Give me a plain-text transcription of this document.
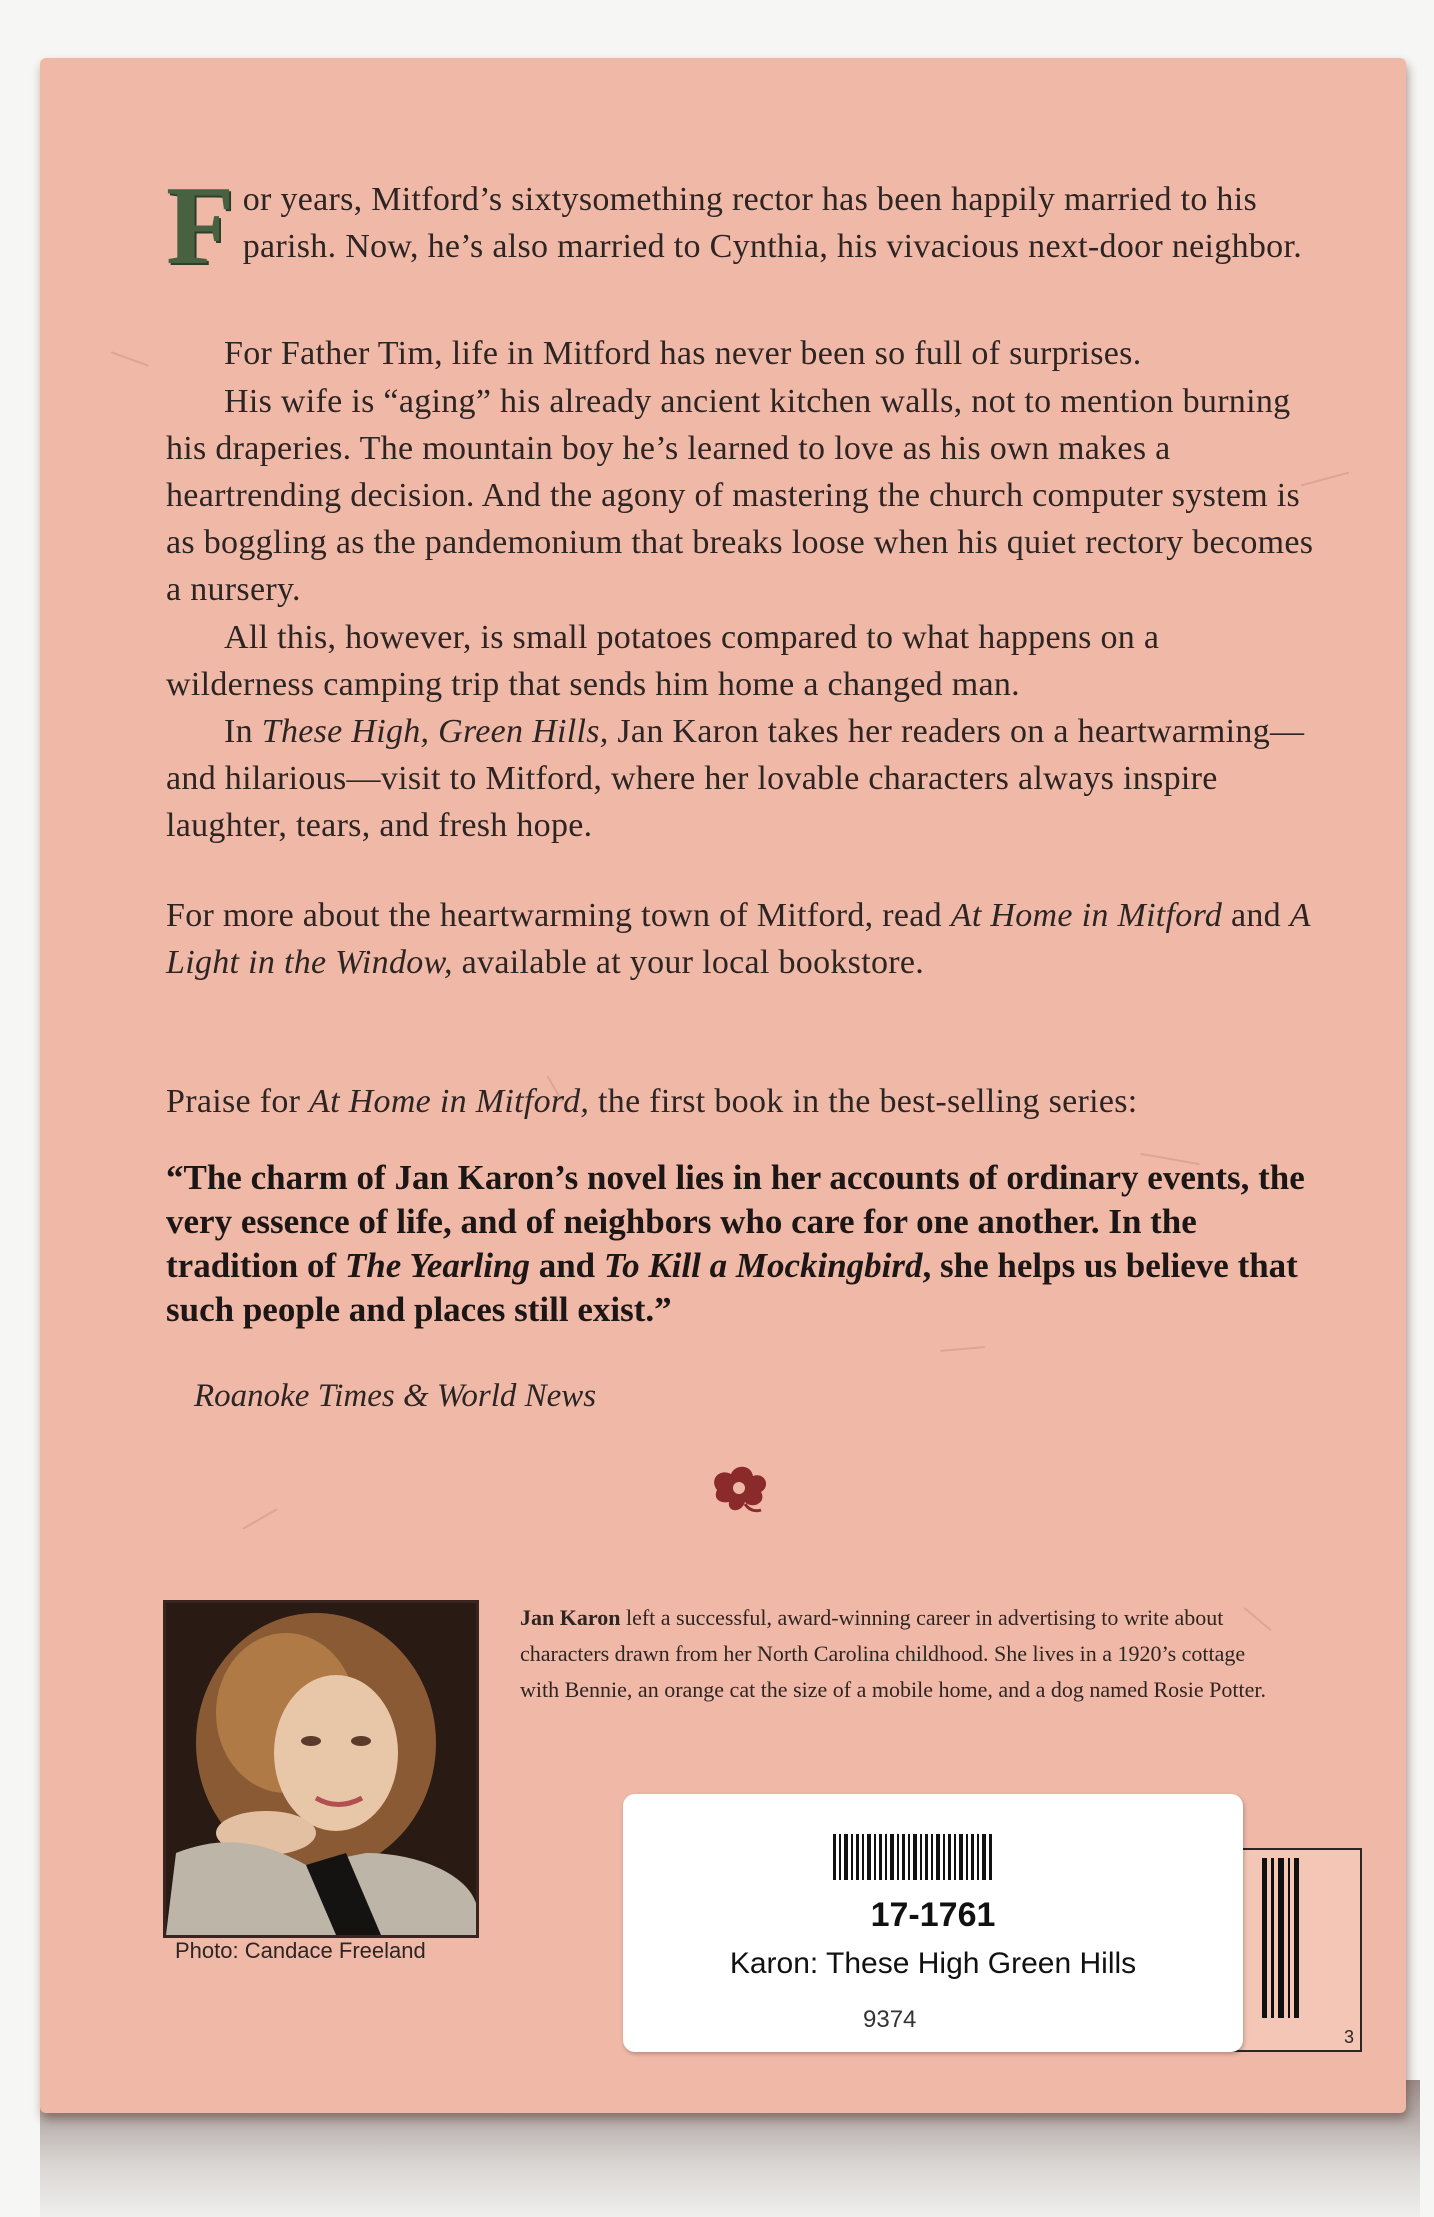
For years, Mitford’s sixtysomething rector has been happily married to his parish. Now, he’s also married to Cynthia, his vivacious next-door neighbor.

For Father Tim, life in Mitford has never been so full of surprises.

His wife is “aging” his already ancient kitchen walls, not to mention burning his draperies. The mountain boy he’s learned to love as his own makes a heartrending decision. And the agony of mastering the church computer system is as boggling as the pandemonium that breaks loose when his quiet rectory becomes a nursery.

All this, however, is small potatoes compared to what happens on a wilderness camping trip that sends him home a changed man.

In These High, Green Hills, Jan Karon takes her readers on a heartwarming—and hilarious—visit to Mitford, where her lovable characters always inspire laughter, tears, and fresh hope.

For more about the heartwarming town of Mitford, read At Home in Mitford and A Light in the Window, available at your local bookstore.

Praise for At Home in Mitford, the first book in the best-selling series:

“The charm of Jan Karon’s novel lies in her accounts of ordinary events, the very essence of life, and of neighbors who care for one another. In the tradition of The Yearling and To Kill a Mockingbird, she helps us believe that such people and places still exist.”

Roanoke Times & World News
Photo: Candace Freeland

Jan Karon left a successful, award-winning career in advertising to write about characters drawn from her North Carolina childhood. She lives in a 1920’s cottage with Bennie, an orange cat the size of a mobile home, and a dog named Rosie Potter.

3
17-1761
Karon: These High Green Hills
9374
